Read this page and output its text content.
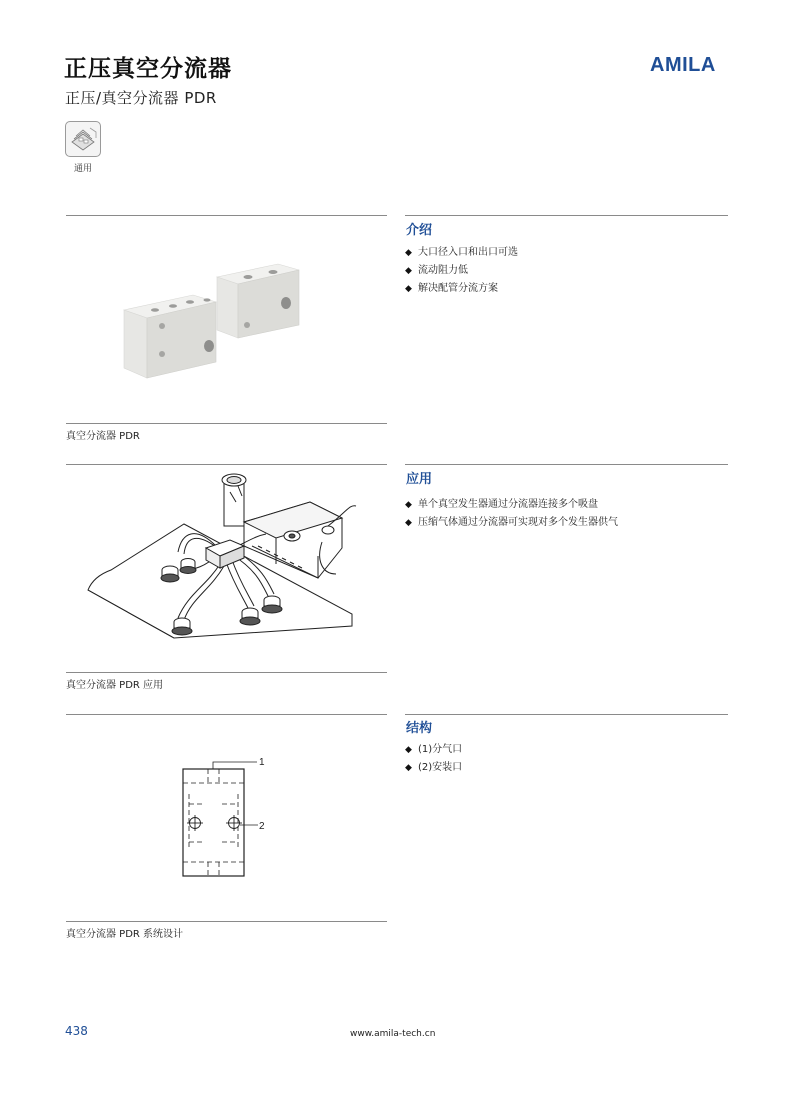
正压真空分流器
正压/真空分流器 PDR
AMILA
通用
介绍
◆ 大口径入口和出口可选
◆ 流动阻力低
◆ 解决配管分流方案
真空分流器 PDR
应用
◆ 单个真空发生器通过分流器连接多个吸盘
◆ 压缩气体通过分流器可实现对多个发生器供气
真空分流器 PDR 应用
结构
◆ (1)分气口
◆ (2)安装口
1
2
真空分流器 PDR 系统设计
438	www.amila-tech.cn
